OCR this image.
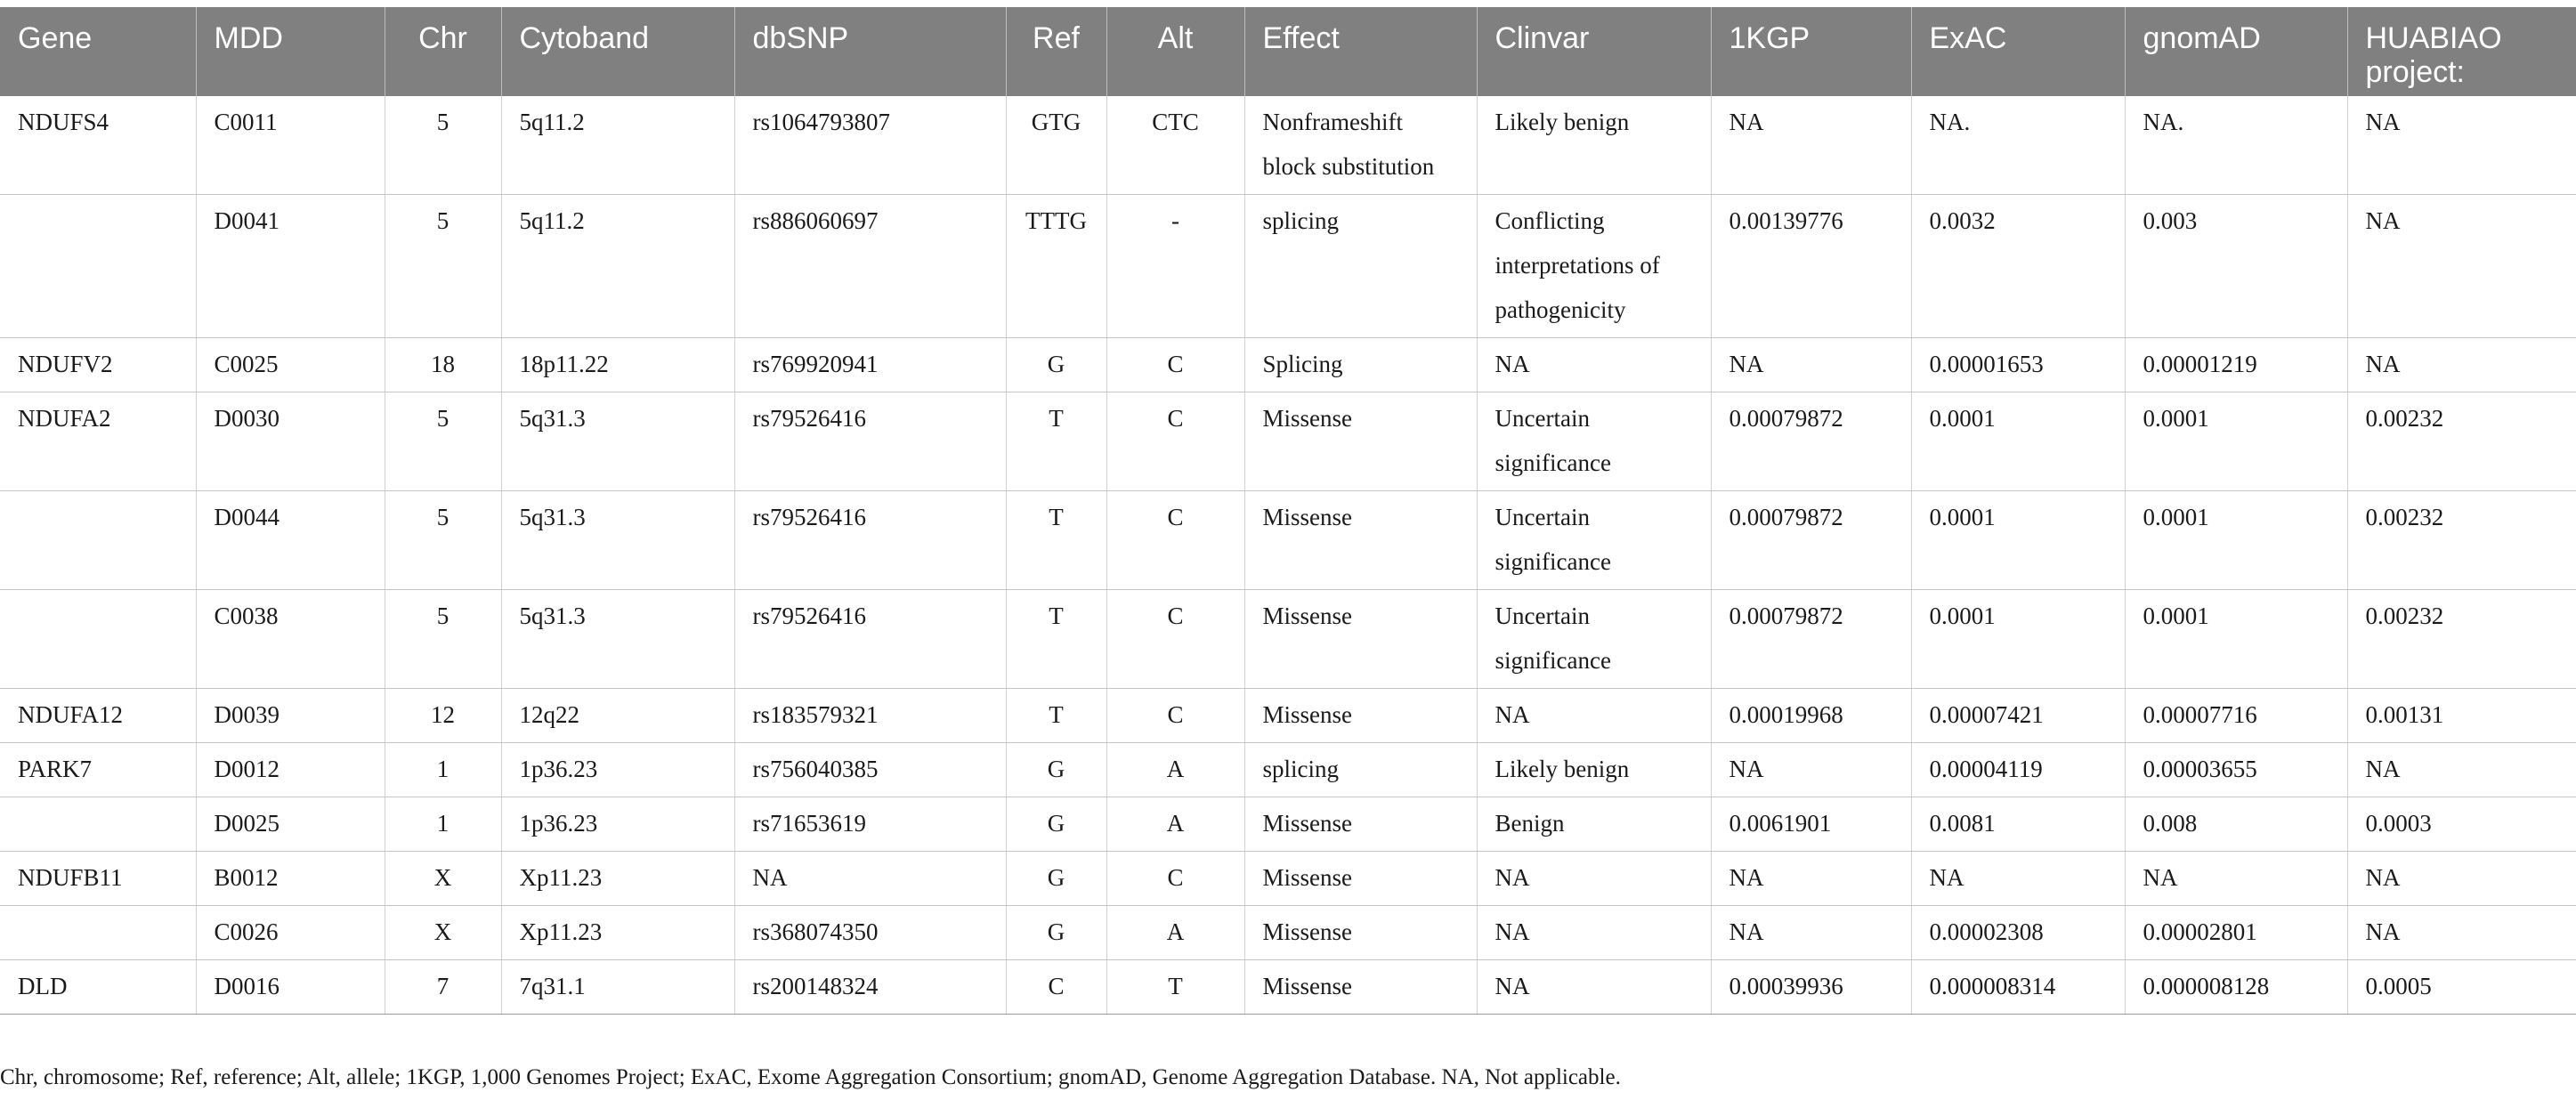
Gene	MDD	Chr	Cytoband	dbSNP	Ref	Alt	Effect	Clinvar	1KGP	ExAC	gnomAD	HUABIAO project:
NDUFS4	C0011	5	5q11.2	rs1064793807	GTG	CTC	Nonframeshift block substitution	Likely benign	NA	NA.	NA.	NA
	D0041	5	5q11.2	rs886060697	TTTG	-	splicing	Conflicting interpretations of pathogenicity	0.00139776	0.0032	0.003	NA
NDUFV2	C0025	18	18p11.22	rs769920941	G	C	Splicing	NA	NA	0.00001653	0.00001219	NA
NDUFA2	D0030	5	5q31.3	rs79526416	T	C	Missense	Uncertain significance	0.00079872	0.0001	0.0001	0.00232
	D0044	5	5q31.3	rs79526416	T	C	Missense	Uncertain significance	0.00079872	0.0001	0.0001	0.00232
	C0038	5	5q31.3	rs79526416	T	C	Missense	Uncertain significance	0.00079872	0.0001	0.0001	0.00232
NDUFA12	D0039	12	12q22	rs183579321	T	C	Missense	NA	0.00019968	0.00007421	0.00007716	0.00131
PARK7	D0012	1	1p36.23	rs756040385	G	A	splicing	Likely benign	NA	0.00004119	0.00003655	NA
	D0025	1	1p36.23	rs71653619	G	A	Missense	Benign	0.0061901	0.0081	0.008	0.0003
NDUFB11	B0012	X	Xp11.23	NA	G	C	Missense	NA	NA	NA	NA	NA
	C0026	X	Xp11.23	rs368074350	G	A	Missense	NA	NA	0.00002308	0.00002801	NA
DLD	D0016	7	7q31.1	rs200148324	C	T	Missense	NA	0.00039936	0.000008314	0.000008128	0.0005
Chr, chromosome; Ref, reference; Alt, allele; 1KGP, 1,000 Genomes Project; ExAC, Exome Aggregation Consortium; gnomAD, Genome Aggregation Database. NA, Not applicable.
